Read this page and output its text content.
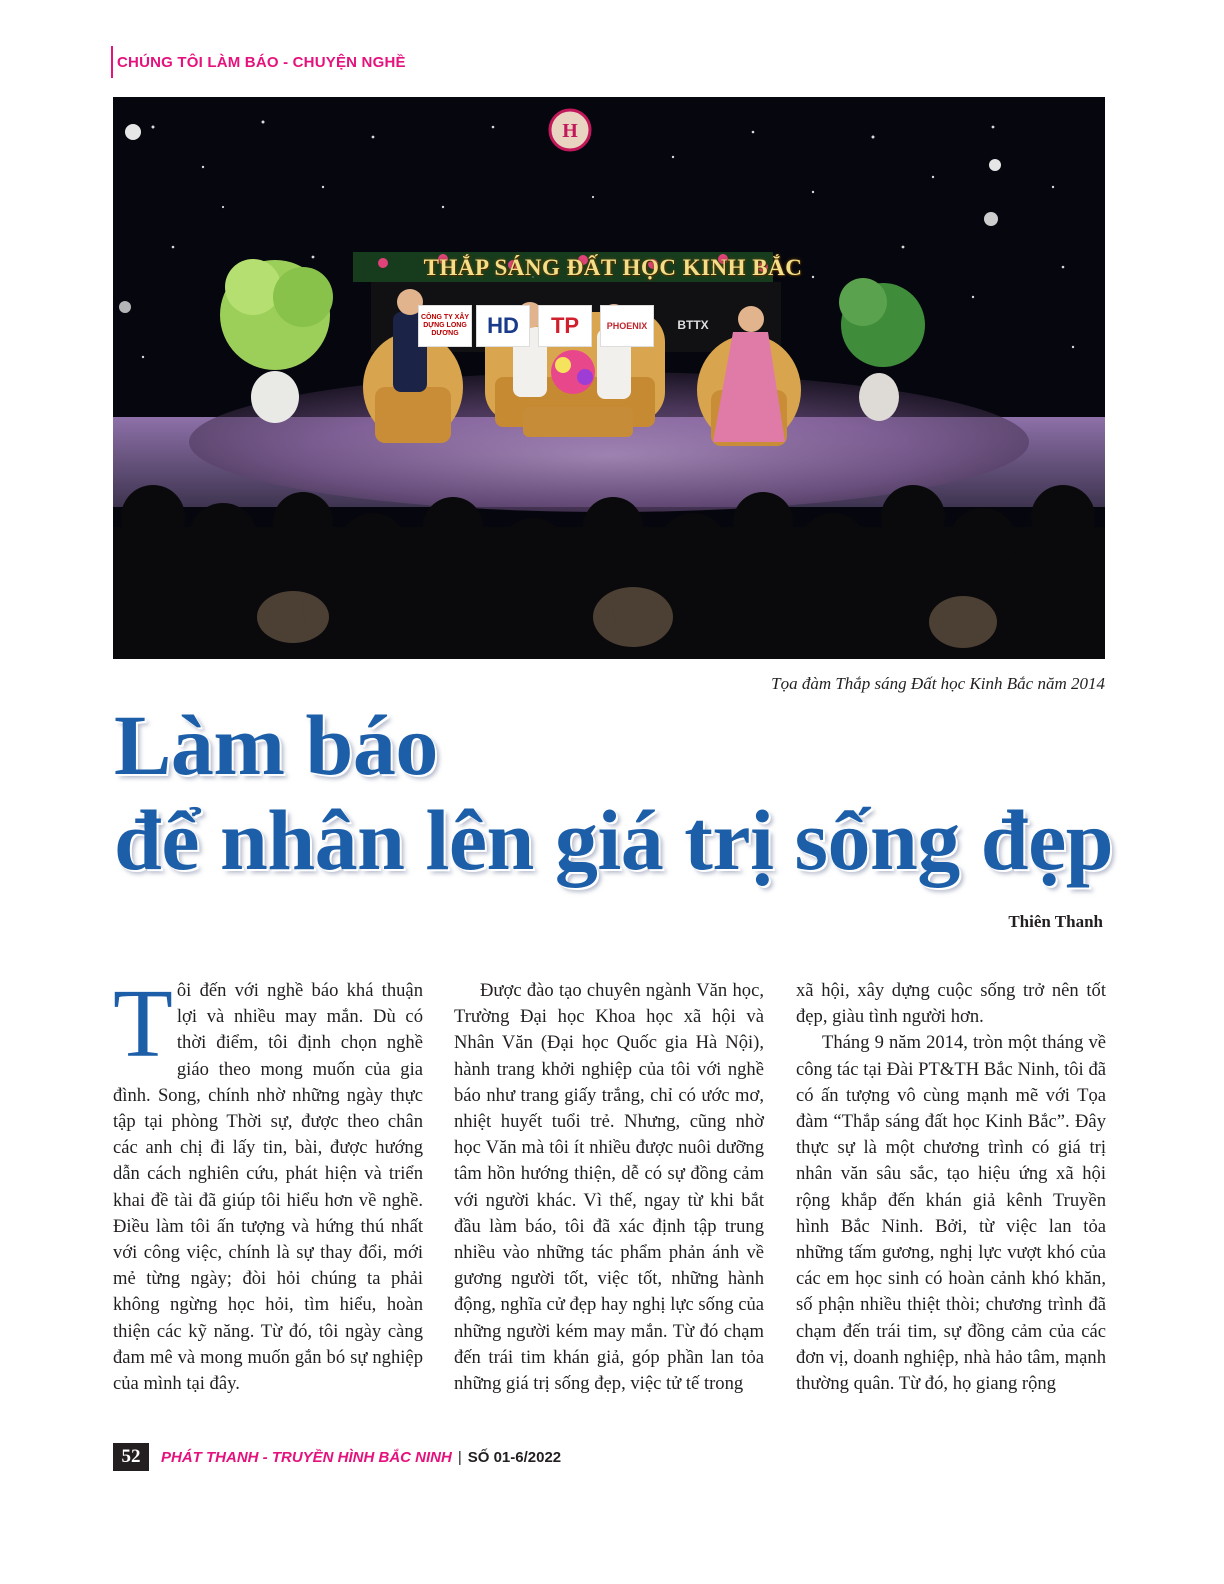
CHÚNG TÔI LÀM BÁO - CHUYỆN NGHỀ
H
THẮP SÁNG ĐẤT HỌC KINH BẮC
CÔNG TY XÂY DỰNG LONG DƯƠNG	HD	TP	PHOENIX	BTTX
Tọa đàm Thắp sáng Đất học Kinh Bắc năm 2014
Làm báo
để nhân lên giá trị sống đẹp
Thiên Thanh

Tôi đến với nghề báo khá thuận lợi và nhiều may mắn. Dù có thời điểm, tôi định chọn nghề giáo theo mong muốn của gia đình. Song, chính nhờ những ngày thực tập tại phòng Thời sự, được theo chân các anh chị đi lấy tin, bài, được hướng dẫn cách nghiên cứu, phát hiện và triển khai đề tài đã giúp tôi hiểu hơn về nghề. Điều làm tôi ấn tượng và hứng thú nhất với công việc, chính là sự thay đổi, mới mẻ từng ngày; đòi hỏi chúng ta phải không ngừng học hỏi, tìm hiểu, hoàn thiện các kỹ năng. Từ đó, tôi ngày càng đam mê và mong muốn gắn bó sự nghiệp của mình tại đây.

Được đào tạo chuyên ngành Văn học, Trường Đại học Khoa học xã hội và Nhân Văn (Đại học Quốc gia Hà Nội), hành trang khởi nghiệp của tôi với nghề báo như trang giấy trắng, chỉ có ước mơ, nhiệt huyết tuổi trẻ. Nhưng, cũng nhờ học Văn mà tôi ít nhiều được nuôi dưỡng tâm hồn hướng thiện, dễ có sự đồng cảm với người khác. Vì thế, ngay từ khi bắt đầu làm báo, tôi đã xác định tập trung nhiều vào những tác phẩm phản ánh về gương người tốt, việc tốt, những hành động, nghĩa cử đẹp hay nghị lực sống của những người kém may mắn. Từ đó chạm đến trái tim khán giả, góp phần lan tỏa những giá trị sống đẹp, việc tử tế trong

xã hội, xây dựng cuộc sống trở nên tốt đẹp, giàu tình người hơn.

Tháng 9 năm 2014, tròn một tháng về công tác tại Đài PT&TH Bắc Ninh, tôi đã có ấn tượng vô cùng mạnh mẽ với Tọa đàm “Thắp sáng đất học Kinh Bắc”. Đây thực sự là một chương trình có giá trị nhân văn sâu sắc, tạo hiệu ứng xã hội rộng khắp đến khán giả kênh Truyền hình Bắc Ninh. Bởi, từ việc lan tỏa những tấm gương, nghị lực vượt khó của các em học sinh có hoàn cảnh khó khăn, số phận nhiều thiệt thòi; chương trình đã chạm đến trái tim, sự đồng cảm của các đơn vị, doanh nghiệp, nhà hảo tâm, mạnh thường quân. Từ đó, họ giang rộng

52	PHÁT THANH - TRUYỀN HÌNH BẮC NINH | SỐ 01-6/2022
